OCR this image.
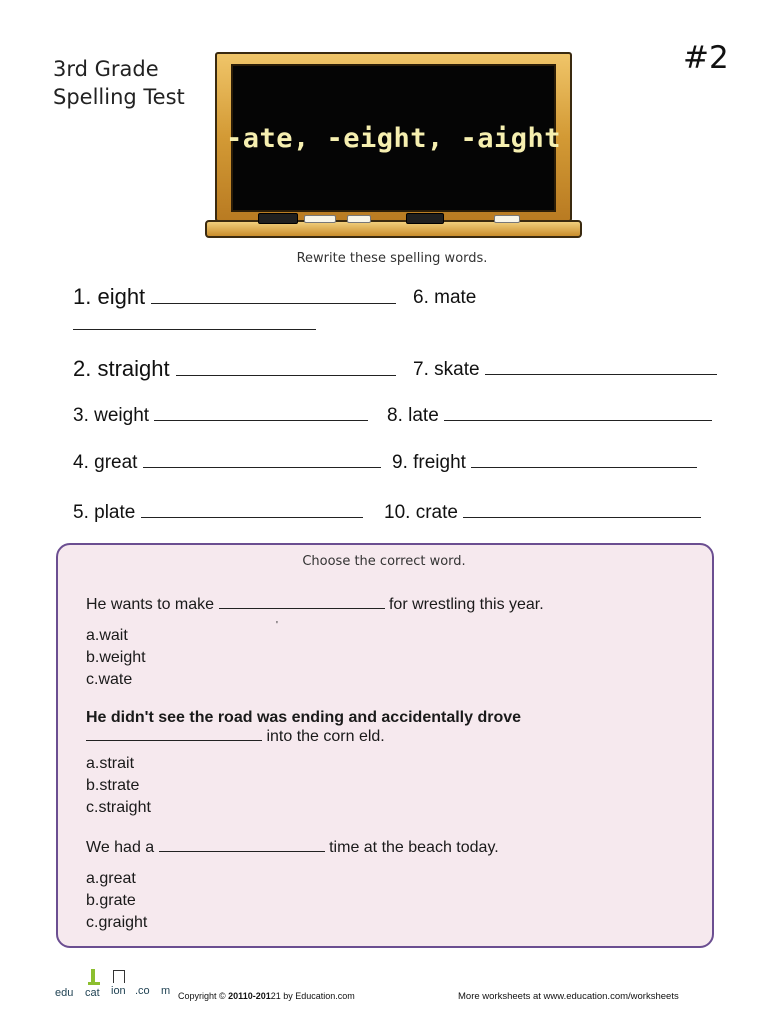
3rd Grade
Spelling Test
#2
-ate, -eight, -aight
Rewrite these spelling words.
1. eight	6. mate
2. straight	7. skate
3. weight	8. late
4. great	9. freight
5. plate	10. crate
Choose the correct word.
He wants to make	for wrestling this year.
'
a.wait
b.weight
c.wate
He didn't see the road was ending and accidentally drove
into the corn eld.
a.strait
b.strate
c.straight
We had a	time at the beach today.
a.great
b.grate
c.graight
edu cat ion .co m Copyright © 20110-20121 by Education.com	More worksheets at www.education.com/worksheets
